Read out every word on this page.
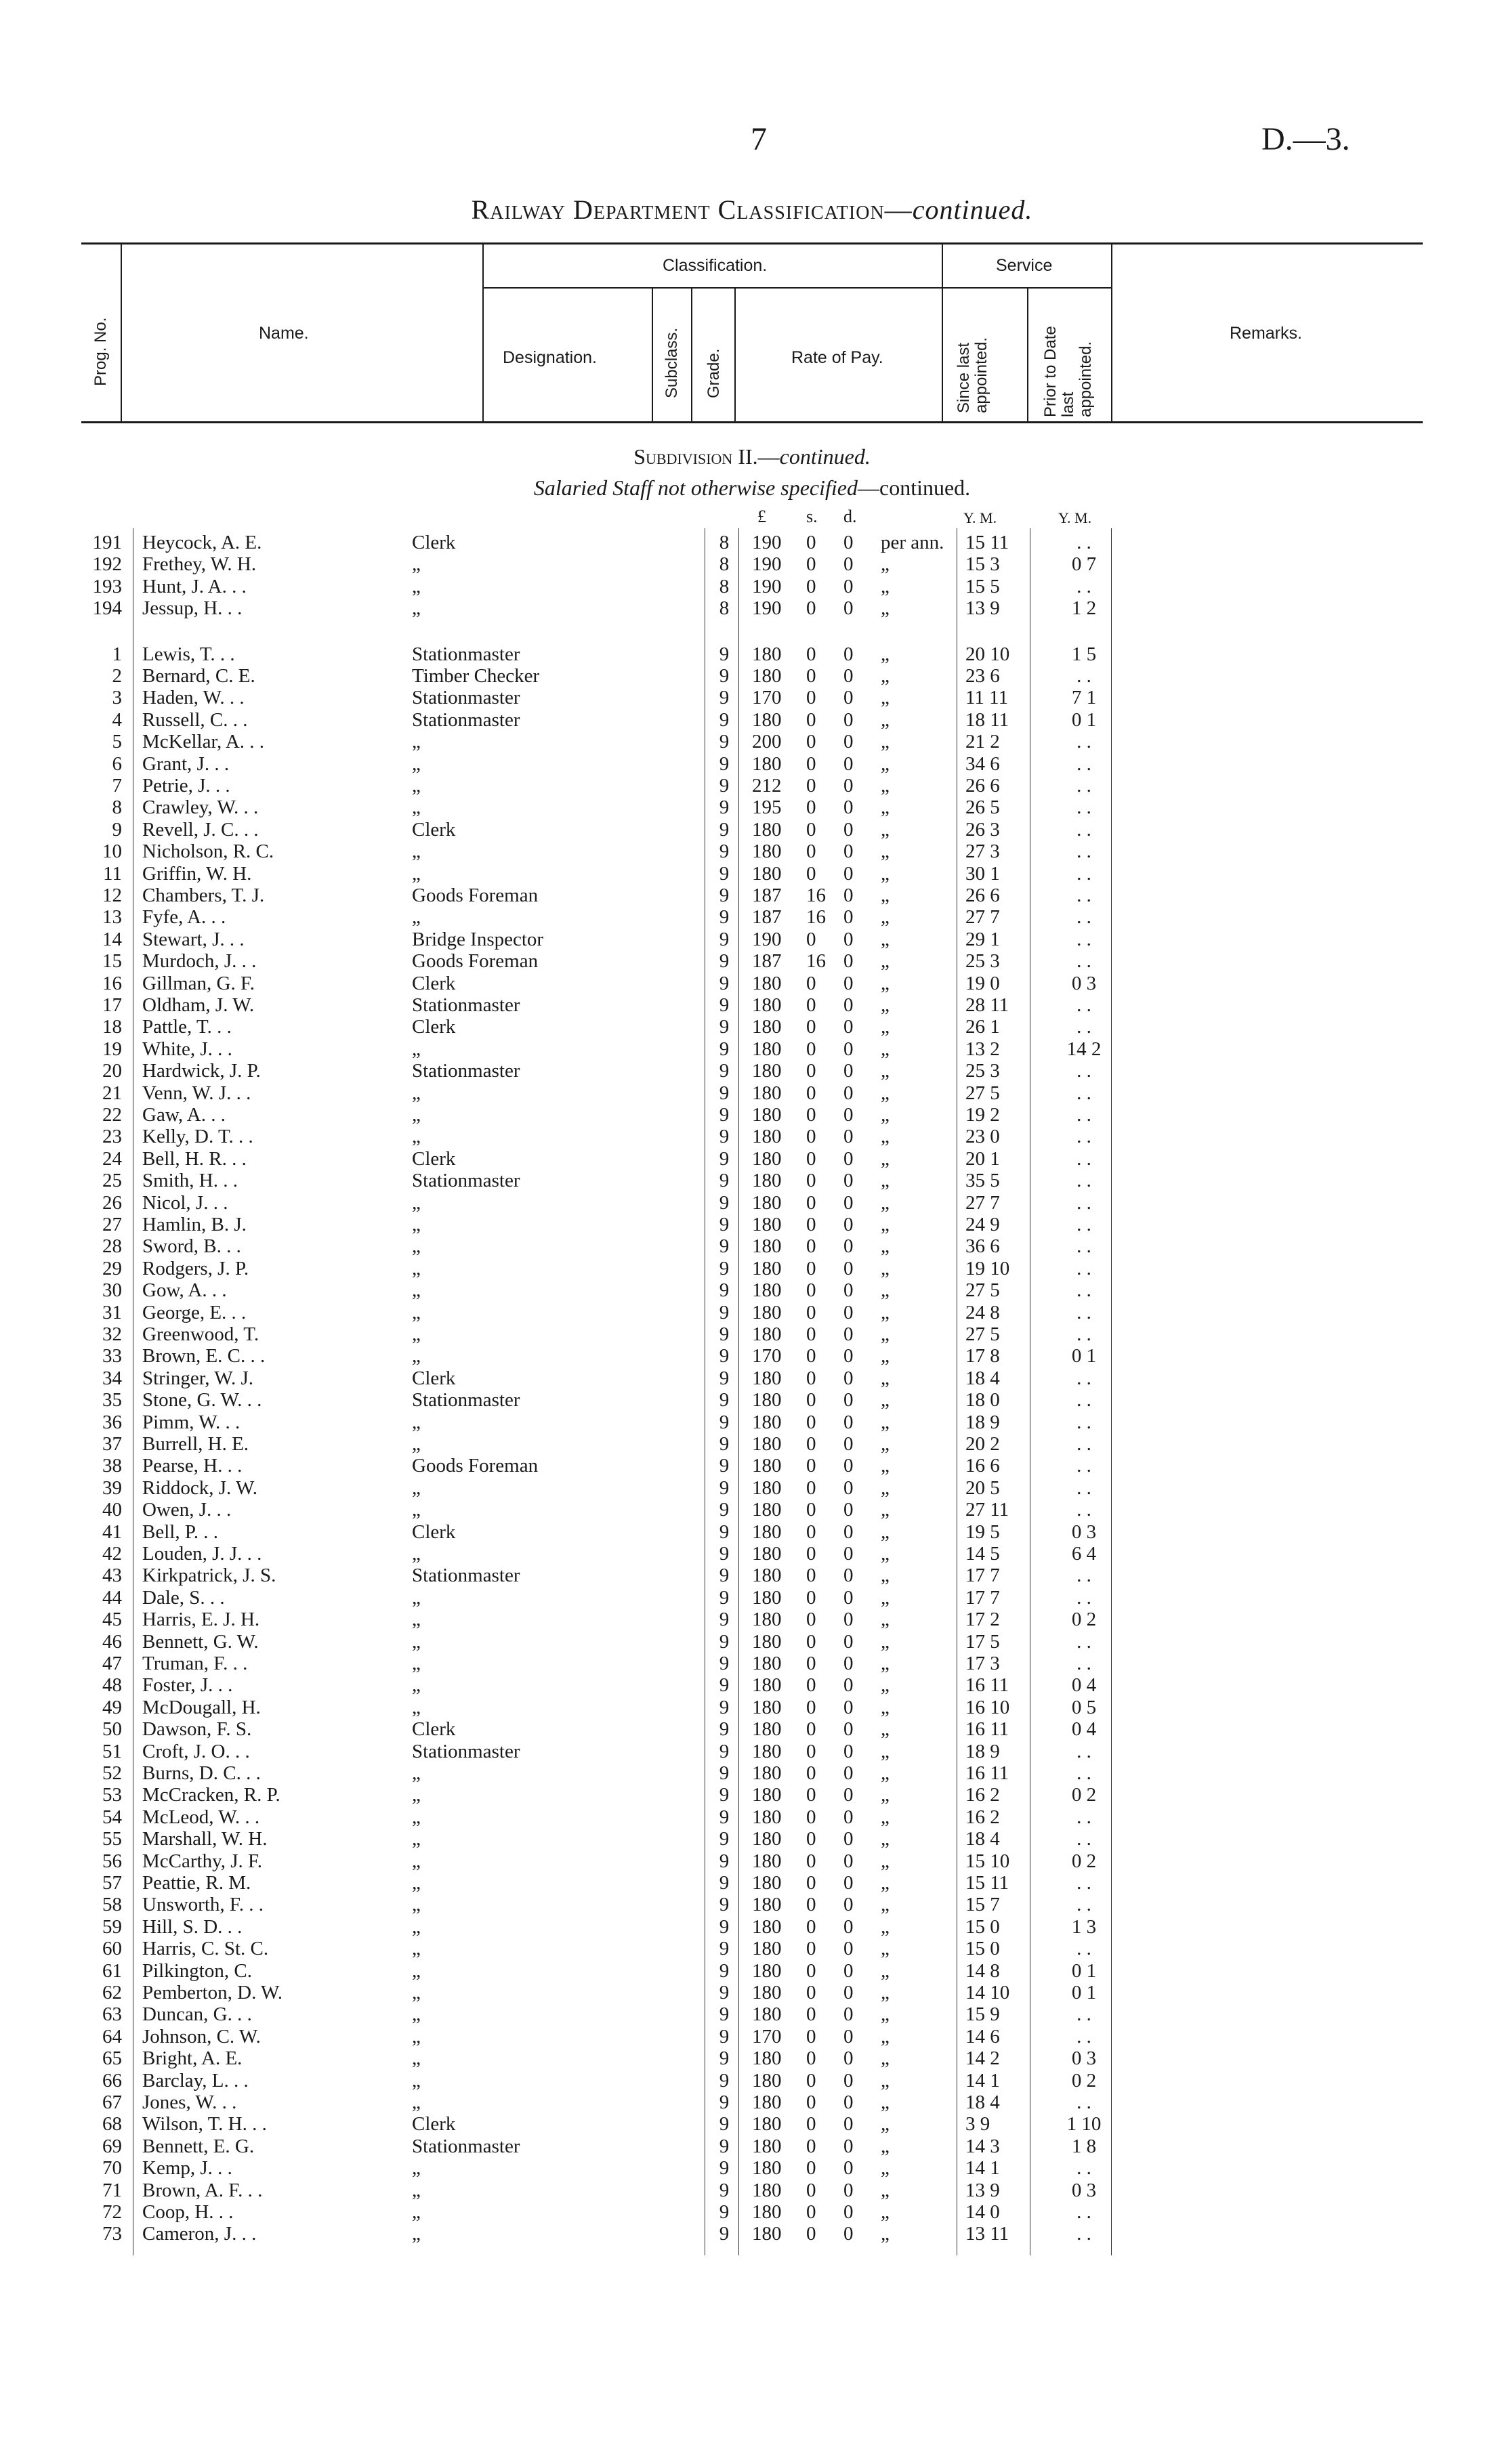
7	D.—3.
Railway Department Classification—continued.
Prog. No.	Name.
Classification.
Designation.	Subclass. Grade.	Rate of Pay.
Service
Since last
appointed.	Prior to Date
last
appointed.
Remarks.
Subdivision II.—continued.
Salaried Staff not otherwise specified—continued.
£ s. d.	Y. M.	Y. M.
191 Heycock, A. E.	Clerk	8 190 0 0 per ann. 15 11	. .
192 Frethey, W. H.	„	8 190 0 0 „	15 3	0 7
193 Hunt, J. A. . .	„	8 190 0 0 „	15 5	. .
194 Jessup, H. . .	„	8 190 0 0 „	13 9	1 2
1 Lewis, T. . .	Stationmaster	9 180 0 0 „	20 10	1 5
2 Bernard, C. E.	Timber Checker	9 180 0 0 „	23 6	. .
3 Haden, W. . .	Stationmaster	9 170 0 0 „	11 11	7 1
4 Russell, C. . .	Stationmaster	9 180 0 0 „	18 11	0 1
5 McKellar, A. . .	„	9 200 0 0 „	21 2	. .
6 Grant, J. . .	„	9 180 0 0 „	34 6	. .
7 Petrie, J. . .	„	9 212 0 0 „	26 6	. .
8 Crawley, W. . .	„	9 195 0 0 „	26 5	. .
9 Revell, J. C. . .	Clerk	9 180 0 0 „	26 3	. .
10 Nicholson, R. C.	„	9 180 0 0 „	27 3	. .
11 Griffin, W. H.	„	9 180 0 0 „	30 1	. .
12 Chambers, T. J.	Goods Foreman	9 187 16 0 „	26 6	. .
13 Fyfe, A. . .	„	9 187 16 0 „	27 7	. .
14 Stewart, J. . .	Bridge Inspector	9 190 0 0 „	29 1	. .
15 Murdoch, J. . .	Goods Foreman	9 187 16 0 „	25 3	. .
16 Gillman, G. F.	Clerk	9 180 0 0 „	19 0	0 3
17 Oldham, J. W.	Stationmaster	9 180 0 0 „	28 11	. .
18 Pattle, T. . .	Clerk	9 180 0 0 „	26 1	. .
19 White, J. . .	„	9 180 0 0 „	13 2	14 2
20 Hardwick, J. P.	Stationmaster	9 180 0 0 „	25 3	. .
21 Venn, W. J. . .	„	9 180 0 0 „	27 5	. .
22 Gaw, A. . .	„	9 180 0 0 „	19 2	. .
23 Kelly, D. T. . .	„	9 180 0 0 „	23 0	. .
24 Bell, H. R. . .	Clerk	9 180 0 0 „	20 1	. .
25 Smith, H. . .	Stationmaster	9 180 0 0 „	35 5	. .
26 Nicol, J. . .	„	9 180 0 0 „	27 7	. .
27 Hamlin, B. J.	„	9 180 0 0 „	24 9	. .
28 Sword, B. . .	„	9 180 0 0 „	36 6	. .
29 Rodgers, J. P.	„	9 180 0 0 „	19 10	. .
30 Gow, A. . .	„	9 180 0 0 „	27 5	. .
31 George, E. . .	„	9 180 0 0 „	24 8	. .
32 Greenwood, T.	„	9 180 0 0 „	27 5	. .
33 Brown, E. C. . .	„	9 170 0 0 „	17 8	0 1
34 Stringer, W. J.	Clerk	9 180 0 0 „	18 4	. .
35 Stone, G. W. . .	Stationmaster	9 180 0 0 „	18 0	. .
36 Pimm, W. . .	„	9 180 0 0 „	18 9	. .
37 Burrell, H. E.	„	9 180 0 0 „	20 2	. .
38 Pearse, H. . .	Goods Foreman	9 180 0 0 „	16 6	. .
39 Riddock, J. W.	„	9 180 0 0 „	20 5	. .
40 Owen, J. . .	„	9 180 0 0 „	27 11	. .
41 Bell, P. . .	Clerk	9 180 0 0 „	19 5	0 3
42 Louden, J. J. . .	„	9 180 0 0 „	14 5	6 4
43 Kirkpatrick, J. S.	Stationmaster	9 180 0 0 „	17 7	. .
44 Dale, S. . .	„	9 180 0 0 „	17 7	. .
45 Harris, E. J. H.	„	9 180 0 0 „	17 2	0 2
46 Bennett, G. W.	„	9 180 0 0 „	17 5	. .
47 Truman, F. . .	„	9 180 0 0 „	17 3	. .
48 Foster, J. . .	„	9 180 0 0 „	16 11	0 4
49 McDougall, H.	„	9 180 0 0 „	16 10	0 5
50 Dawson, F. S.	Clerk	9 180 0 0 „	16 11	0 4
51 Croft, J. O. . .	Stationmaster	9 180 0 0 „	18 9	. .
52 Burns, D. C. . .	„	9 180 0 0 „	16 11	. .
53 McCracken, R. P.	„	9 180 0 0 „	16 2	0 2
54 McLeod, W. . .	„	9 180 0 0 „	16 2	. .
55 Marshall, W. H.	„	9 180 0 0 „	18 4	. .
56 McCarthy, J. F.	„	9 180 0 0 „	15 10	0 2
57 Peattie, R. M.	„	9 180 0 0 „	15 11	. .
58 Unsworth, F. . .	„	9 180 0 0 „	15 7	. .
59 Hill, S. D. . .	„	9 180 0 0 „	15 0	1 3
60 Harris, C. St. C.	„	9 180 0 0 „	15 0	. .
61 Pilkington, C.	„	9 180 0 0 „	14 8	0 1
62 Pemberton, D. W.	„	9 180 0 0 „	14 10	0 1
63 Duncan, G. . .	„	9 180 0 0 „	15 9	. .
64 Johnson, C. W.	„	9 170 0 0 „	14 6	. .
65 Bright, A. E.	„	9 180 0 0 „	14 2	0 3
66 Barclay, L. . .	„	9 180 0 0 „	14 1	0 2
67 Jones, W. . .	„	9 180 0 0 „	18 4	. .
68 Wilson, T. H. . .	Clerk	9 180 0 0 „	3 9	1 10
69 Bennett, E. G.	Stationmaster	9 180 0 0 „	14 3	1 8
70 Kemp, J. . .	„	9 180 0 0 „	14 1	. .
71 Brown, A. F. . .	„	9 180 0 0 „	13 9	0 3
72 Coop, H. . .	„	9 180 0 0 „	14 0	. .
73 Cameron, J. . .	„	9 180 0 0 „	13 11	. .
